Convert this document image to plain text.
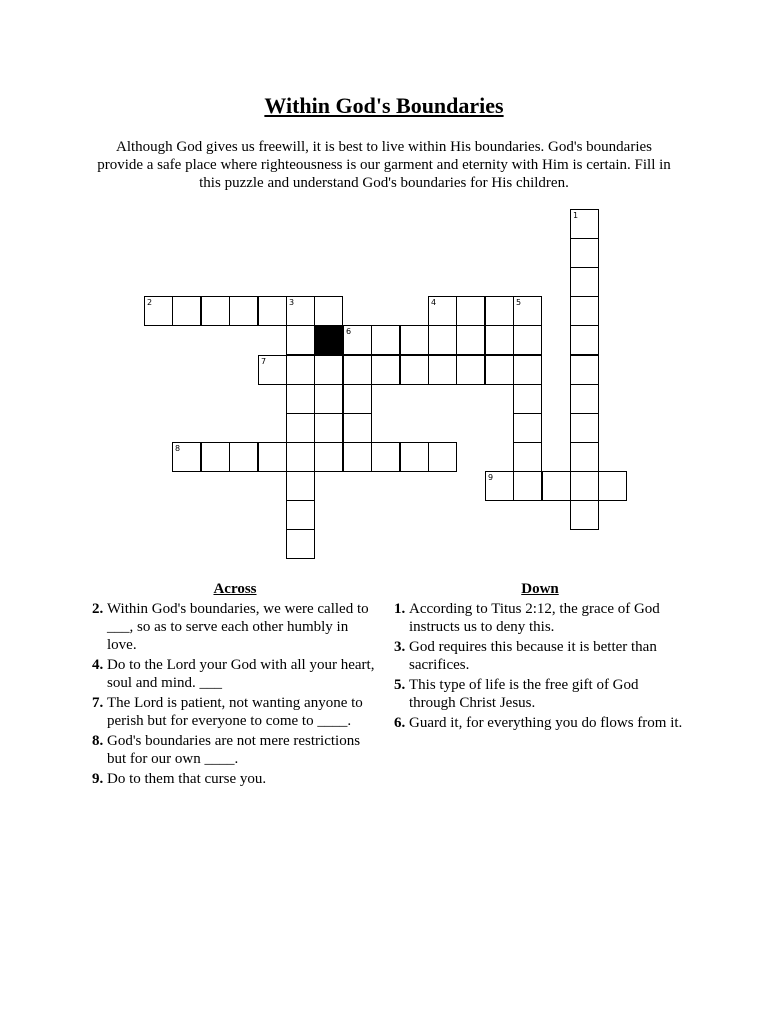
Within God's Boundaries
Although God gives us freewill, it is best to live within His boundaries. God's boundaries provide a safe place where righteousness is our garment and eternity with Him is certain. Fill in this puzzle and understand God's boundaries for His children.
1
2	3	4	5
6
7
8
9
Across
2. Within God's boundaries, we were called to ___, so as to serve each other humbly in love.
4. Do to the Lord your God with all your heart, soul and mind. ___
7. The Lord is patient, not wanting anyone to perish but for everyone to come to ____.
8. God's boundaries are not mere restrictions but for our own ____.
9. Do to them that curse you.
Down
1. According to Titus 2:12, the grace of God instructs us to deny this.
3. God requires this because it is better than sacrifices.
5. This type of life is the free gift of God through Christ Jesus.
6. Guard it, for everything you do flows from it.
